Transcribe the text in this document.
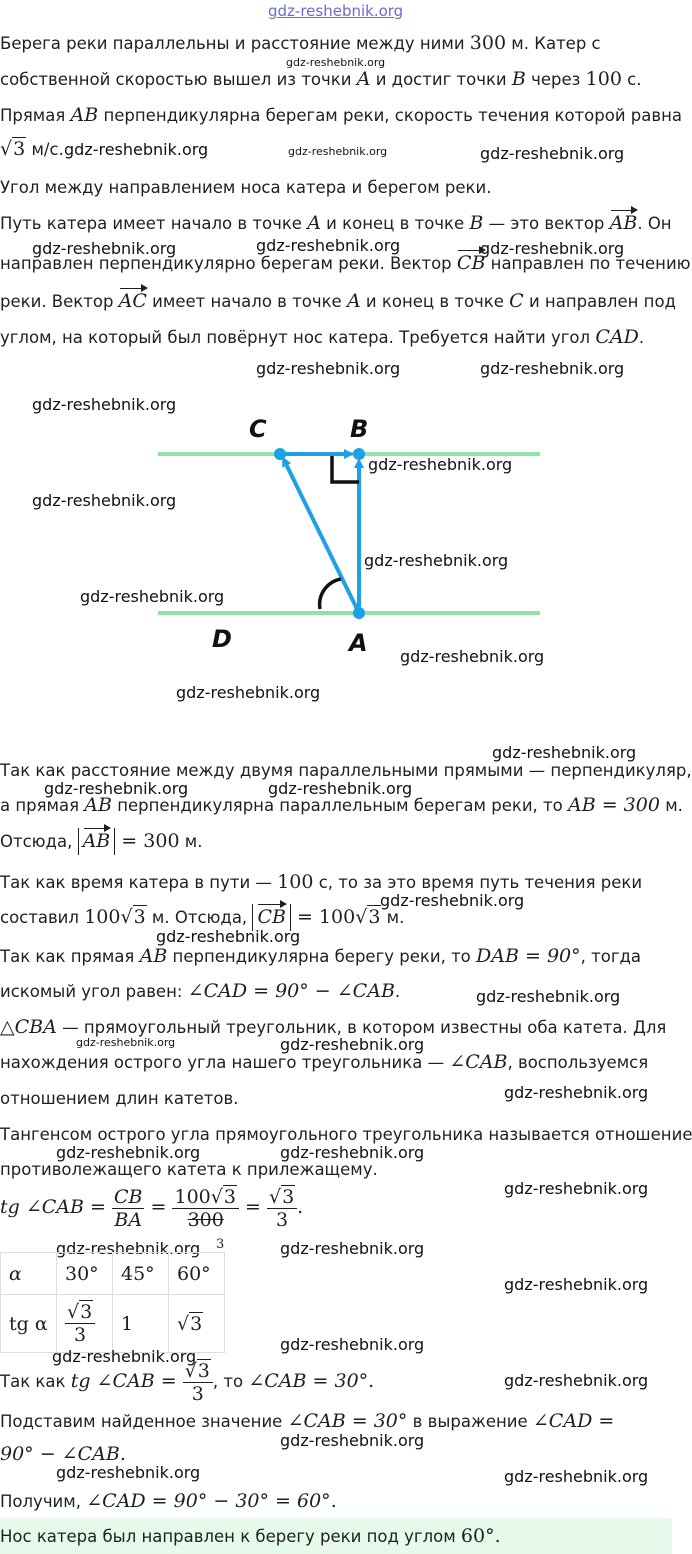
gdz-reshebnik.org
Берега реки параллельны и расстояние между ними 300 м. Катер с
gdz-reshebnik.org
собственной скоростью вышел из точки A и достиг точки B через 100 с.
Прямая AB перпендикулярна берегам реки, скорость течения которой равна
√3 м/с. gdz-reshebnik.org	gdz-reshebnik.org	gdz-reshebnik.org
Угол между направлением носа катера и берегом реки.
Путь катера имеет начало в точке A и конец в точке B — это вектор AB. Он
gdz-reshebnik.org	gdz-reshebnik.org	gdz-reshebnik.org
направлен перпендикулярно берегам реки. Вектор CB направлен по течению
реки. Вектор AC имеет начало в точке A и конец в точке C и направлен под
углом, на который был повёрнут нос катера. Требуется найти угол CAD.
gdz-reshebnik.org	gdz-reshebnik.org
C	B
D	A
gdz-reshebnik.org
gdz-reshebnik.org
gdz-reshebnik.org
gdz-reshebnik.org
gdz-reshebnik.org
gdz-reshebnik.org
gdz-reshebnik.org
gdz-reshebnik.org
Так как расстояние между двумя параллельными прямыми — перпендикуляр,
gdz-reshebnik.org	gdz-reshebnik.org
а прямая AB перпендикулярна параллельным берегам реки, то AB = 300 м.
Отсюда, AB = 300 м.
Так как время катера в пути — 100 с, то за это время путь течения реки
gdz-reshebnik.org
составил 100√3 м. Отсюда, CB = 100√3 м.
gdz-reshebnik.org
Так как прямая AB перпендикулярна берегу реки, то DAB = 90°, тогда
искомый угол равен: ∠CAD = 90° − ∠CAB.	gdz-reshebnik.org
△CBA — прямоугольный треугольник, в котором известны оба катета. Для
gdz-reshebnik.org	gdz-reshebnik.org
нахождения острого угла нашего треугольника — ∠CAB, воспользуемся
gdz-reshebnik.org
отношением длин катетов.
Тангенсом острого угла прямоугольного треугольника называется отношение
gdz-reshebnik.org	gdz-reshebnik.org
противолежащего катета к прилежащему.
gdz-reshebnik.org
tg ∠CAB = $\frac{CB}{BA} = \frac{100√3}{300} = \frac{√3}{3}$ .
3
gdz-reshebnik.org	gdz-reshebnik.org
α	30°	45°	60°
tg α	$\frac{√3}{3}$	1	√3
gdz-reshebnik.org
gdz-reshebnik.org
gdz-reshebnik.org
Так как tg ∠CAB = $\frac{√3}{3}$ , то ∠CAB = 30°.	gdz-reshebnik.org
Подставим найденное значение ∠CAB = 30° в выражение ∠CAD =
gdz-reshebnik.org
90° − ∠CAB.
gdz-reshebnik.org	gdz-reshebnik.org
Получим, ∠CAD = 90° − 30° = 60°.
Нос катера был направлен к берегу реки под углом 60°.
